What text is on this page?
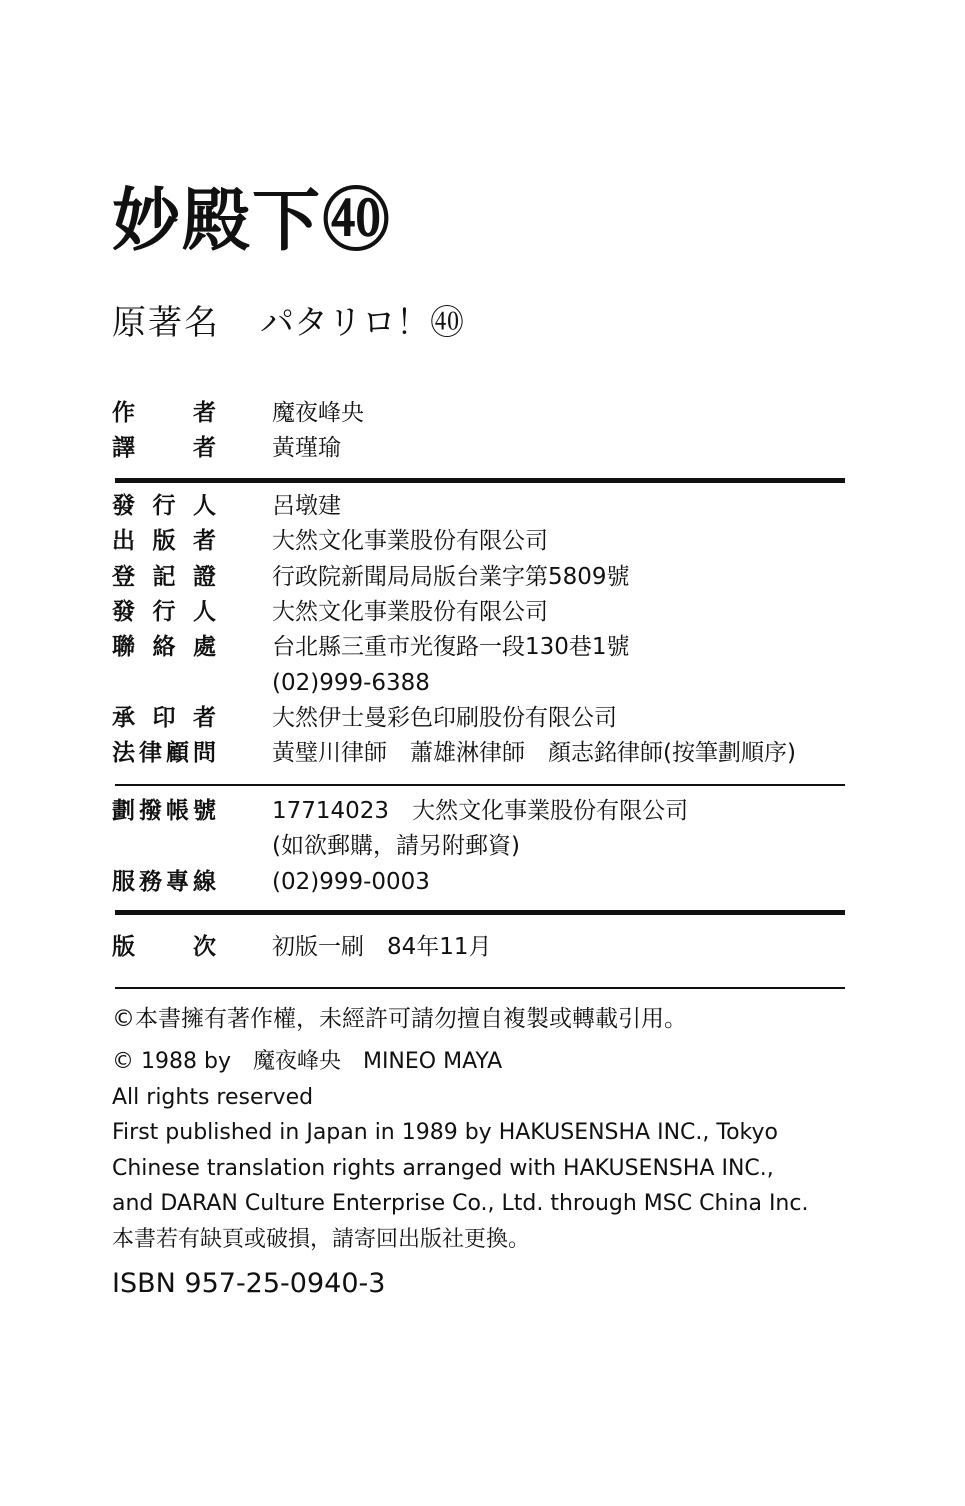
妙殿下㊵
原著名 パタリロ！㊵
作　者 魔夜峰央
譯　者 黃瑾瑜
發行人 呂墩建
出版者 大然文化事業股份有限公司
登記證 行政院新聞局局版台業字第5809號
發行人 大然文化事業股份有限公司
聯絡處 台北縣三重市光復路一段130巷1號
(02)999-6388
承印者 大然伊士曼彩色印刷股份有限公司
法律顧問 黃璧川律師　蕭雄淋律師　顏志銘律師(按筆劃順序)
劃撥帳號 17714023　大然文化事業股份有限公司
(如欲郵購，請另附郵資)
服務專線 (02)999-0003
版　次 初版一刷　84年11月
©本書擁有著作權，未經許可請勿擅自複製或轉載引用。
© 1988 by　魔夜峰央　MINEO MAYA
All rights reserved
First published in Japan in 1989 by HAKUSENSHA INC., Tokyo
Chinese translation rights arranged with HAKUSENSHA INC.,
and DARAN Culture Enterprise Co., Ltd. through MSC China Inc.
本書若有缺頁或破損，請寄回出版社更換。
ISBN 957-25-0940-3
